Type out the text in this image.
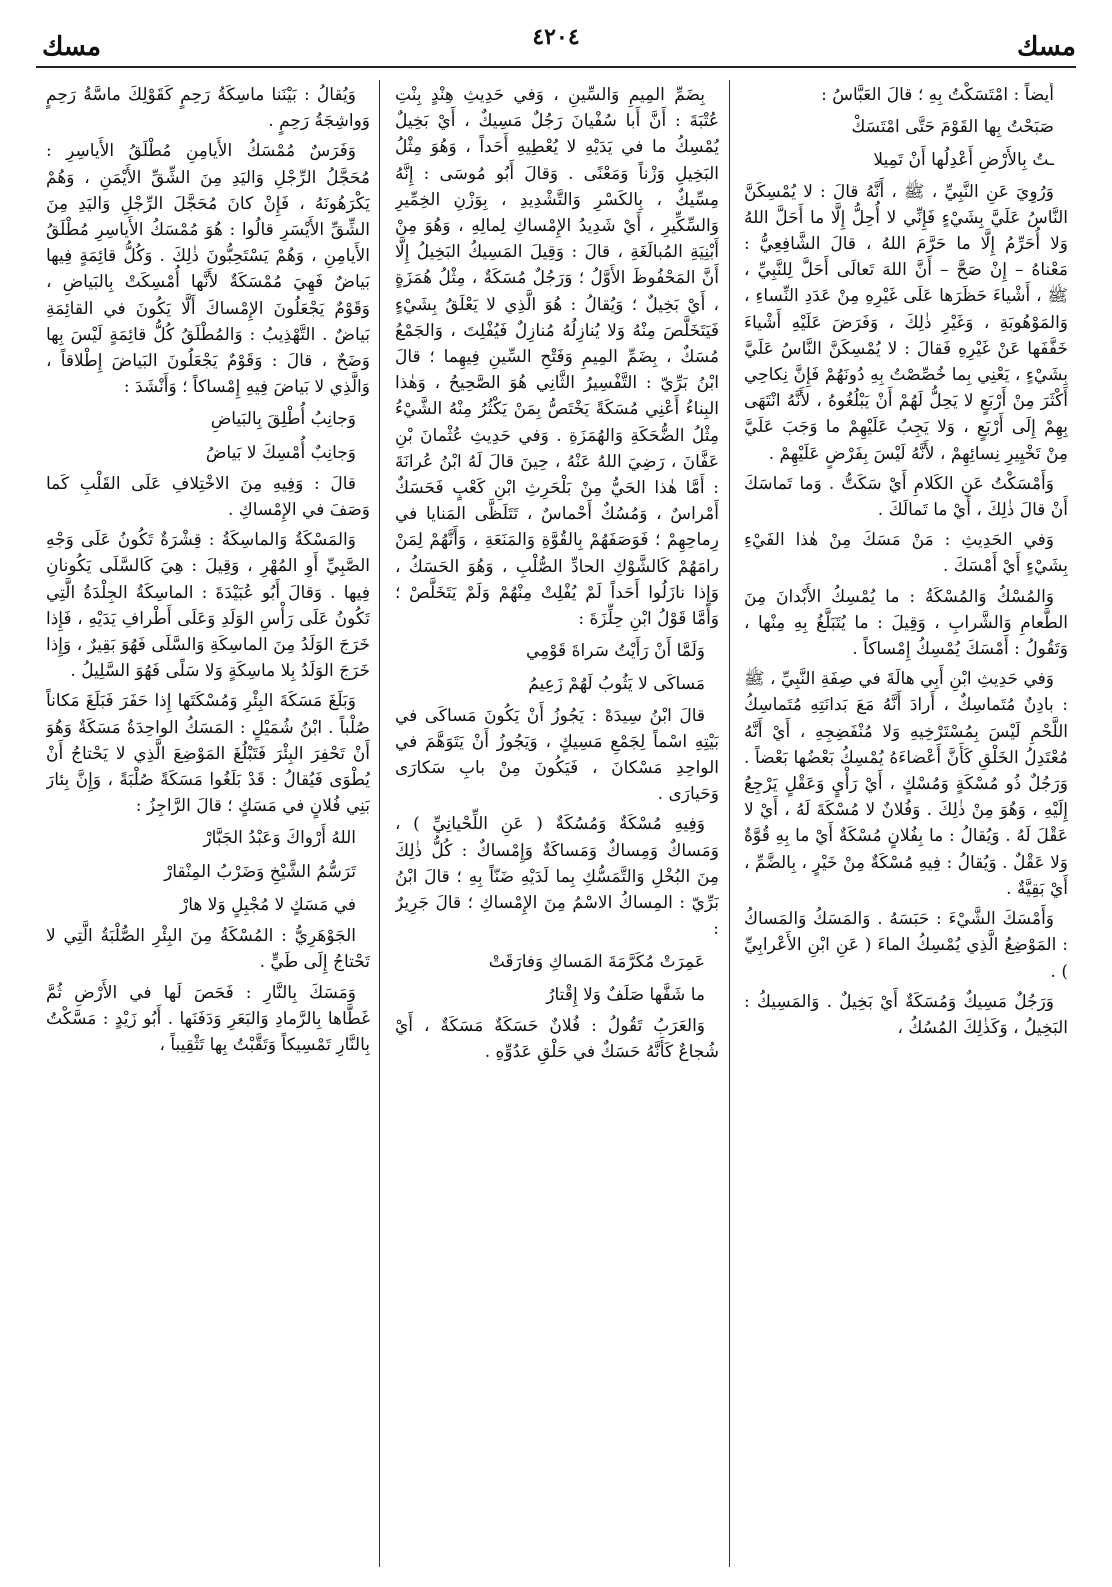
مسك
٤٢٠٤
مسك

أَيضاً : امْتَسَكْتُ بِهِ ؛ قالَ العَبَّاسُ :

صَبَحْتُ بِها القَوْمَ حَتَّى امْتَسَكْ
ـتُ بِالأَرْضِ أَعْدِلُها أَنْ تَمِيلا

وَرُوِيَ عَنِ النَّبِيِّ ، ﷺ ، أَنَّهُ قالَ : لا يُمْسِكَنَّ النَّاسُ عَلَيَّ بِشَيْءٍ فَإِنِّي لا أُحِلُّ إِلَّا ما أَحَلَّ اللهُ وَلا أُحَرِّمُ إِلَّا ما حَرَّمَ اللهُ ، قالَ الشَّافِعِيُّ : مَعْناهُ – إِنْ صَحَّ – أَنَّ اللهَ تَعالَى أَحَلَّ لِلنَّبِيِّ ، ﷺ ، أَشْياءَ حَظَرَها عَلَى غَيْرِهِ مِنْ عَدَدِ النِّساءِ ، وَالمَوْهُوبَةِ ، وَغَيْرِ ذٰلِكَ ، وَفَرَضَ عَلَيْهِ أَشْياءَ خَفَّفَها عَنْ غَيْرِهِ فَقالَ : لا يُمْسِكَنَّ النَّاسُ عَلَيَّ بِشَيْءٍ ، يَعْنِي بِما خُصِّصْتُ بِهِ دُونَهُمْ فَإِنَّ نِكاحِي أَكْثَرَ مِنْ أَرْبَعٍ لا يَحِلُّ لَهُمْ أَنْ يَبْلُغُوهُ ، لأَنَّهُ انْتَهَى بِهِمْ إِلَى أَرْبَعٍ ، وَلا يَجِبُ عَلَيْهِمْ ما وَجَبَ عَلَيَّ مِنْ تَخْيِيرِ نِسائِهِمْ ، لأَنَّهُ لَيْسَ بِفَرْضٍ عَلَيْهِمْ .

وَأَمْسَكْتُ عَنِ الكَلامِ أَيْ سَكَتُّ . وَما تَماسَكَ أَنْ قالَ ذٰلِكَ ، أَيْ ما تَمالَكَ .

وَفي الحَدِيثِ : مَنْ مَسَكَ مِنْ هٰذا الفَيْءِ بِشَيْءٍ أَيْ أَمْسَكَ .

وَالمُسْكُ وَالمُسْكَةُ : ما يُمْسِكُ الأَبْدانَ مِنَ الطَّعامِ وَالشَّرابِ ، وَقِيلَ : ما يُتَبَلَّغُ بِهِ مِنْها ، وَتَقُولُ : أَمْسَكَ يُمْسِكُ إِمْساكاً .

وَفي حَدِيثِ ابْنِ أَبِي هالَةَ في صِفَةِ النَّبِيِّ ، ﷺ : بادِنٌ مُتَماسِكٌ ، أَرادَ أَنَّهُ مَعَ بَدانَتِهِ مُتَماسِكُ اللَّحْمِ لَيْسَ بِمُسْتَرْخِيهِ وَلا مُنْفَضِجِهِ ، أَيْ أَنَّهُ مُعْتَدِلُ الخَلْقِ كَأَنَّ أَعْضاءَهُ يُمْسِكُ بَعْضُها بَعْضاً . وَرَجُلٌ ذُو مُسْكَةٍ وَمُسْكٍ ، أَيْ رَأْيٍ وَعَقْلٍ يَرْجِعُ إِلَيْهِ ، وَهُوَ مِنْ ذٰلِكَ . وَفُلانٌ لا مُسْكَةَ لَهُ ، أَيْ لا عَقْلَ لَهُ . وَيُقالُ : ما بِفُلانٍ مُسْكَةٌ أَيْ ما بِهِ قُوَّةٌ وَلا عَقْلٌ . وَيُقالُ : فِيهِ مُسْكَةٌ مِنْ خَيْرٍ ، بِالضَّمِّ ، أَيْ بَقِيَّةٌ .

وَأَمْسَكَ الشَّيْءَ : حَبَسَهُ . وَالمَسَكُ وَالمَساكُ : المَوْضِعُ الَّذِي يُمْسِكُ الماءَ ( عَنِ ابْنِ الأَعْرابِيِّ ) .

وَرَجُلٌ مَسِيكٌ وَمُسَكَةٌ أَيْ بَخِيلٌ . وَالمَسِيكُ : البَخِيلُ ، وَكَذٰلِكَ المُسُكُ ،

بِضَمِّ المِيمِ وَالسِّينِ ، وَفي حَدِيثِ هِنْدٍ بِنْتِ عُتْبَةَ : أَنَّ أَبا سُفْيانَ رَجُلٌ مَسِيكٌ ، أَيْ بَخِيلٌ يُمْسِكُ ما في يَدَيْهِ لا يُعْطِيهِ أَحَداً ، وَهُوَ مِثْلُ البَخِيلِ وَزْناً وَمَعْنًى . وَقالَ أَبُو مُوسَى : إِنَّهُ مِسِّيكٌ ، بِالكَسْرِ وَالتَّشْدِيدِ ، بِوَزْنِ الخِمِّيرِ وَالسِّكِّيرِ ، أَيْ شَدِيدُ الإِمْساكِ لِمالِهِ ، وَهُوَ مِنْ أَبْنِيَةِ المُبالَغَةِ ، قالَ : وَقِيلَ المَسِيكُ البَخِيلُ إِلَّا أَنَّ المَحْفُوظَ الأَوَّلُ ؛ وَرَجُلٌ مُسَكَةٌ ، مِثْلُ هُمَزَةٍ ، أَيْ بَخِيلٌ ؛ وَيُقالُ : هُوَ الَّذِي لا يَعْلَقُ بِشَيْءٍ فَيَتَخَلَّصَ مِنْهُ وَلا يُنازِلُهُ مُنازِلٌ فَيُفْلِتَ ، وَالجَمْعُ مُسَكٌ ، بِضَمِّ المِيمِ وَفَتْحِ السِّينِ فِيهِما ؛ قالَ ابْنُ بَرِّيّ : التَّفْسِيرُ الثَّانِي هُوَ الصَّحِيحُ ، وَهٰذا البِناءُ أَعْنِي مُسَكَةً يَخْتَصُّ بِمَنْ يَكْثُرُ مِنْهُ الشَّيْءُ مِثْلُ الضُّحَكَةِ وَالهُمَزَةِ . وَفي حَدِيثِ عُثْمانَ بْنِ عَفَّانَ ، رَضِيَ اللهُ عَنْهُ ، حِينَ قالَ لَهُ ابْنُ عُرانَةَ : أَمَّا هٰذا الحَيُّ مِنْ بَلْحَرِثِ ابْنِ كَعْبٍ فَحَسَكٌ أَمْراسٌ ، وَمُسُكٌ أَحْماسٌ ، تَتَلَظَّى المَنايا في رِماحِهِمْ ؛ فَوَصَفَهُمْ بِالقُوَّةِ وَالمَنَعَةِ ، وَأَنَّهُمْ لِمَنْ رامَهُمْ كَالشَّوْكِ الحادِّ الصُّلْبِ ، وَهُوَ الحَسَكُ ، وَإِذا نازَلُوا أَحَداً لَمْ يُفْلِتْ مِنْهُمْ وَلَمْ يَتَخَلَّصْ ؛ وَأَمَّا قَوْلُ ابْنِ حِلِّزَةَ :

وَلَمَّا أَنْ رَأَيْتُ سَراةَ قَوْمِي
مَساكَى لا يَثُوبُ لَهُمْ زَعِيمُ

قالَ ابْنُ سِيدَهْ : يَجُوزُ أَنْ يَكُونَ مَساكَى في بَيْتِهِ اسْماً لِجَمْعِ مَسِيكٍ ، وَيَجُوزُ أَنْ يَتَوَهَّمَ في الواحِدِ مَسْكانَ ، فَيَكُونَ مِنْ بابِ سَكارَى وَحَيارَى .

وَفِيهِ مُسْكَةٌ وَمُسُكَةٌ ( عَنِ اللِّحْيانِيِّ ) ، وَمَساكٌ وَمِساكٌ وَمَساكَةٌ وَإِمْساكٌ : كُلُّ ذٰلِكَ مِنَ البُخْلِ وَالتَّمَسُّكِ بِما لَدَيْهِ ضَنّاً بِهِ ؛ قالَ ابْنُ بَرِّيّ : المِساكُ الاسْمُ مِنَ الإِمْساكِ ؛ قالَ جَرِيرٌ :

عَمِرَتْ مُكَرَّمَةَ المَساكِ وَفارَقَتْ
ما شَفَّها صَلَفٌ وَلا إِقْتارُ

وَالعَرَبُ تَقُولُ : فُلانٌ حَسَكَةٌ مَسَكَةٌ ، أَيْ شُجاعٌ كَأَنَّهُ حَسَكٌ في حَلْقِ عَدُوِّهِ .

وَيُقالُ : بَيْنَنا ماسِكَةُ رَحِمٍ كَقَوْلِكَ ماسَّةُ رَحِمٍ وَواشِجَةُ رَحِمٍ .

وَفَرَسٌ مُمْسَكُ الأَيامِنِ مُطْلَقُ الأَياسِرِ : مُحَجَّلُ الرِّجْلِ وَاليَدِ مِنَ الشِّقِّ الأَيْمَنِ ، وَهُمْ يَكْرَهُونَهُ ، فَإِنْ كانَ مُحَجَّلَ الرِّجْلِ وَاليَدِ مِنَ الشِّقِّ الأَيْسَرِ قالُوا : هُوَ مُمْسَكُ الأَياسِرِ مُطْلَقُ الأَيامِنِ ، وَهُمْ يَسْتَحِبُّونَ ذٰلِكَ . وَكُلُّ قائِمَةٍ فِيها بَياضٌ فَهِيَ مُمْسَكَةٌ لأَنَّها أُمْسِكَتْ بِالبَياضِ ، وَقَوْمٌ يَجْعَلُونَ الإِمْساكَ أَلَّا يَكُونَ في القائِمَةِ بَياضٌ . التَّهْذِيبُ : وَالمُطْلَقُ كُلُّ قائِمَةٍ لَيْسَ بِها وَضَحٌ ، قالَ : وَقَوْمٌ يَجْعَلُونَ البَياضَ إِطْلاقاً ، وَالَّذِي لا بَياضَ فِيهِ إِمْساكاً ؛ وَأَنْشَدَ :

وَجانِبُ أُطْلِقَ بِالبَياضِ
وَجانِبٌ أُمْسِكَ لا بَياضُ

قالَ : وَفِيهِ مِنَ الاخْتِلافِ عَلَى القَلْبِ كَما وَصَفَ في الإِمْساكِ .

وَالمَسْكَةُ وَالماسِكَةُ : قِشْرَةٌ تَكُونُ عَلَى وَجْهِ الصَّبِيِّ أَوِ المُهْرِ ، وَقِيلَ : هِيَ كَالسَّلَى يَكُونانِ فِيها . وَقالَ أَبُو عُبَيْدَةَ : الماسِكَةُ الجِلْدَةُ الَّتِي تَكُونُ عَلَى رَأْسِ الوَلَدِ وَعَلَى أَطْرافِ يَدَيْهِ ، فَإِذا خَرَجَ الوَلَدُ مِنَ الماسِكَةِ وَالسَّلَى فَهُوَ بَقِيرٌ ، وَإِذا خَرَجَ الوَلَدُ بِلا ماسِكَةٍ وَلا سَلًى فَهُوَ السَّلِيلُ .

وَبَلَغَ مَسَكَةَ البِئْرِ وَمُسْكَتَها إِذا حَفَرَ فَبَلَغَ مَكاناً صُلْباً . ابْنُ شُمَيْلٍ : المَسَكُ الواحِدَةُ مَسَكَةٌ وَهُوَ أَنْ تَحْفِرَ البِئْرَ فَتَبْلُغَ المَوْضِعَ الَّذِي لا يَحْتاجُ أَنْ يُطْوَى فَيُقالُ : قَدْ بَلَغُوا مَسَكَةً صُلْبَةً ، وَإِنَّ بِئارَ بَنِي فُلانٍ في مَسَكٍ ؛ قالَ الرَّاجِزُ :

اللهُ أَرْواكَ وَعَبْدُ الجَبَّارْ
تَرَسُّمُ الشَّيْخِ وَضَرْبُ المِنْقارْ
في مَسَكٍ لا مُجْبِلٍ وَلا هارْ

الجَوْهَرِيُّ : المُسْكَةُ مِنَ البِئْرِ الصُّلْبَةُ الَّتِي لا تَحْتاجُ إِلَى طَيٍّ .

وَمَسَكَ بِالنَّارِ : فَحَصَ لَها في الأَرْضِ ثُمَّ غَطَّاها بِالرَّمادِ وَالبَعَرِ وَدَفَنَها . أَبُو زَيْدٍ : مَسَّكْتُ بِالنَّارِ تَمْسِيكاً وَتَقَّبْتُ بِها تَثْقِيباً ،
